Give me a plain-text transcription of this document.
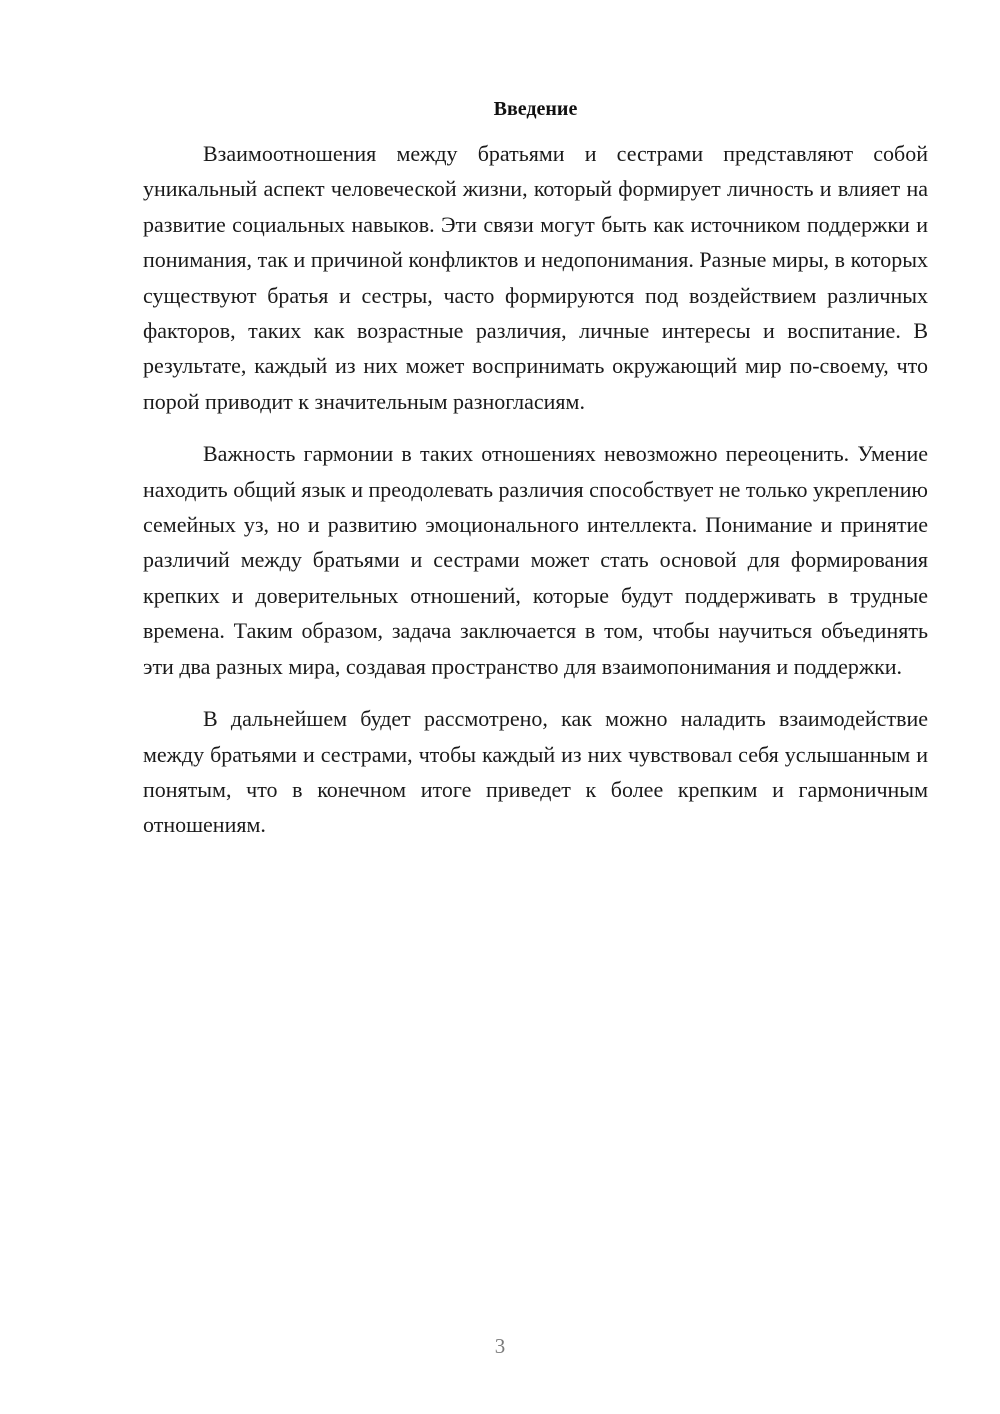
Введение

Взаимоотношения между братьями и сестрами представляют собой уникальный аспект человеческой жизни, который формирует личность и влияет на развитие социальных навыков. Эти связи могут быть как источником поддержки и понимания, так и причиной конфликтов и недопонимания. Разные миры, в которых существуют братья и сестры, часто формируются под воздействием различных факторов, таких как возрастные различия, личные интересы и воспитание. В результате, каждый из них может воспринимать окружающий мир по-своему, что порой приводит к значительным разногласиям.

Важность гармонии в таких отношениях невозможно переоценить. Умение находить общий язык и преодолевать различия способствует не только укреплению семейных уз, но и развитию эмоционального интеллекта. Понимание и принятие различий между братьями и сестрами может стать основой для формирования крепких и доверительных отношений, которые будут поддерживать в трудные времена. Таким образом, задача заключается в том, чтобы научиться объединять эти два разных мира, создавая пространство для взаимопонимания и поддержки.

В дальнейшем будет рассмотрено, как можно наладить взаимодействие между братьями и сестрами, чтобы каждый из них чувствовал себя услышанным и понятым, что в конечном итоге приведет к более крепким и гармоничным отношениям.

3
